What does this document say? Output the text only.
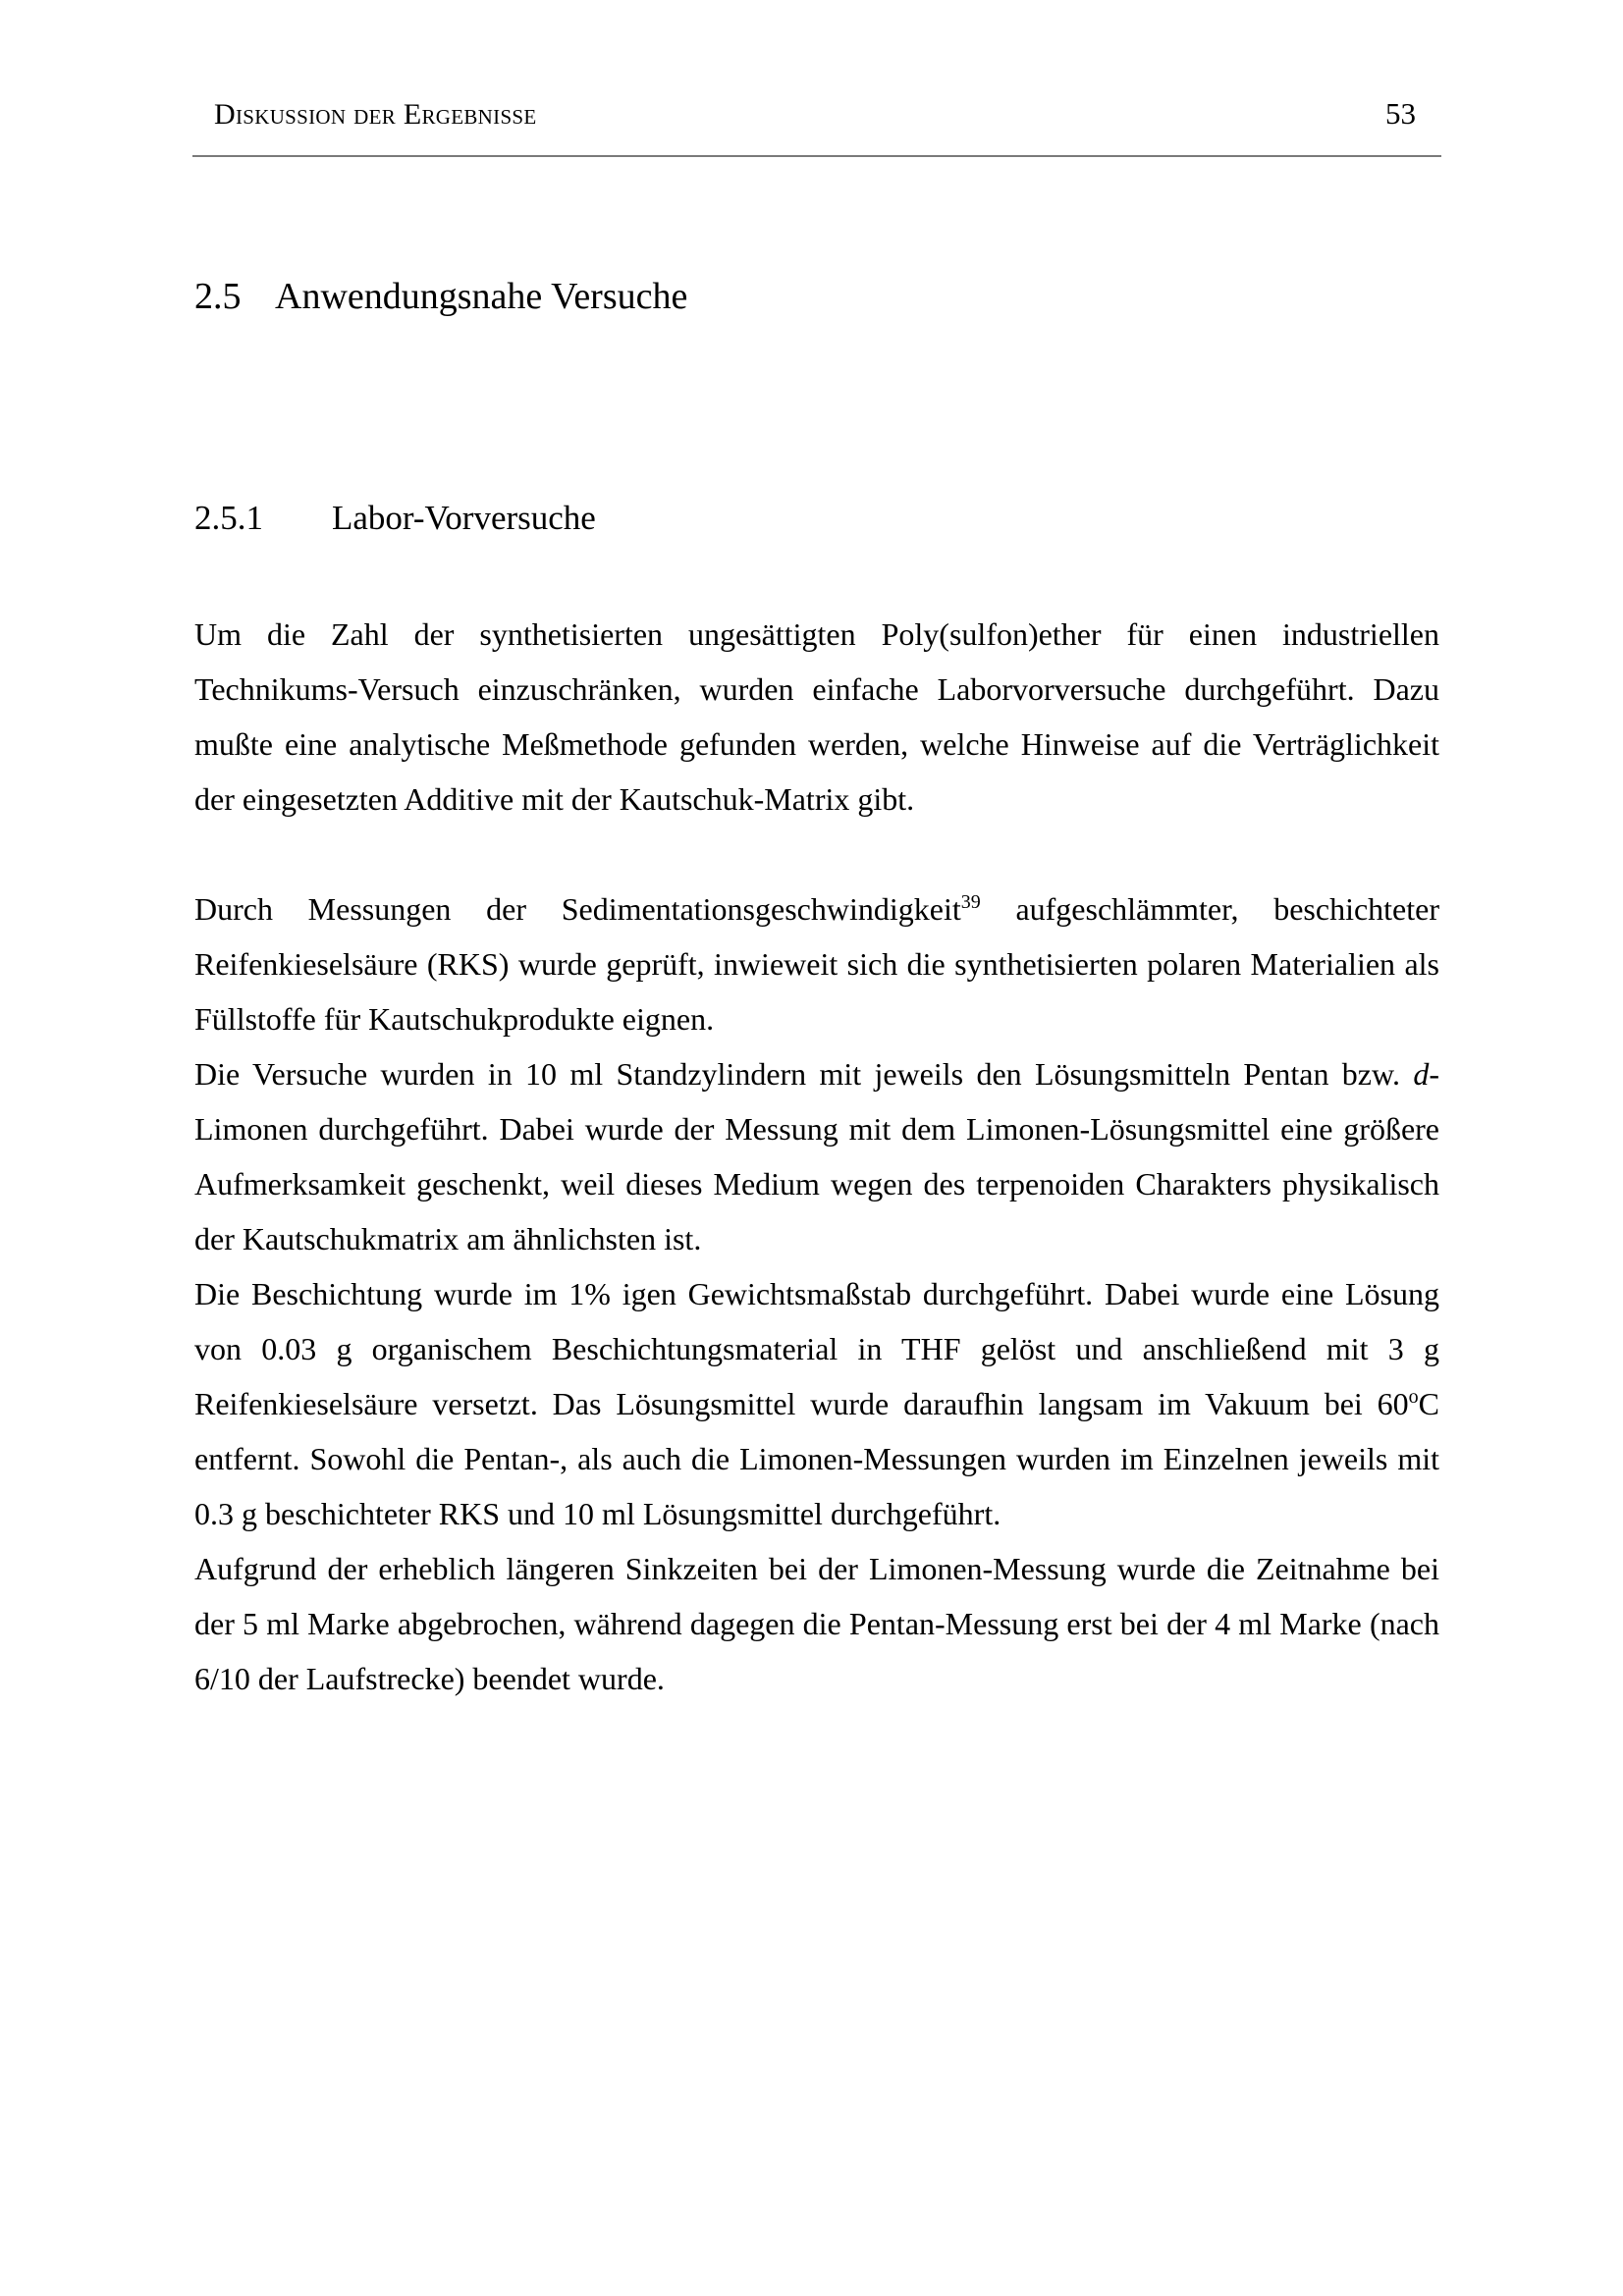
Diskussion der Ergebnisse	53
2.5 Anwendungsnahe Versuche
2.5.1 Labor-Vorversuche

Um die Zahl der synthetisierten ungesättigten Poly(sulfon)ether für einen industriellen Technikums-Versuch einzuschränken, wurden einfache Laborvorversuche durchgeführt. Dazu mußte eine analytische Meßmethode gefunden werden, welche Hinweise auf die Verträglichkeit der eingesetzten Additive mit der Kautschuk-Matrix gibt.

Durch Messungen der Sedimentationsgeschwindigkeit$^{39}$ aufgeschlämmter, beschichteter Reifenkieselsäure (RKS) wurde geprüft, inwieweit sich die synthetisierten polaren Materialien als Füllstoffe für Kautschukprodukte eignen.

Die Versuche wurden in 10 ml Standzylindern mit jeweils den Lösungsmitteln Pentan bzw. d-Limonen durchgeführt. Dabei wurde der Messung mit dem Limonen-Lösungsmittel eine größere Aufmerksamkeit geschenkt, weil dieses Medium wegen des terpenoiden Charakters physikalisch der Kautschukmatrix am ähnlichsten ist.

Die Beschichtung wurde im 1% igen Gewichtsmaßstab durchgeführt. Dabei wurde eine Lösung von 0.03 g organischem Beschichtungsmaterial in THF gelöst und anschließend mit 3 g Reifenkieselsäure versetzt. Das Lösungsmittel wurde daraufhin langsam im Vakuum bei 60$^o$C entfernt. Sowohl die Pentan-, als auch die Limonen-Messungen wurden im Einzelnen jeweils mit 0.3 g beschichteter RKS und 10 ml Lösungsmittel durchgeführt.

Aufgrund der erheblich längeren Sinkzeiten bei der Limonen-Messung wurde die Zeitnahme bei der 5 ml Marke abgebrochen, während dagegen die Pentan-Messung erst bei der 4 ml Marke (nach 6/10 der Laufstrecke) beendet wurde.
